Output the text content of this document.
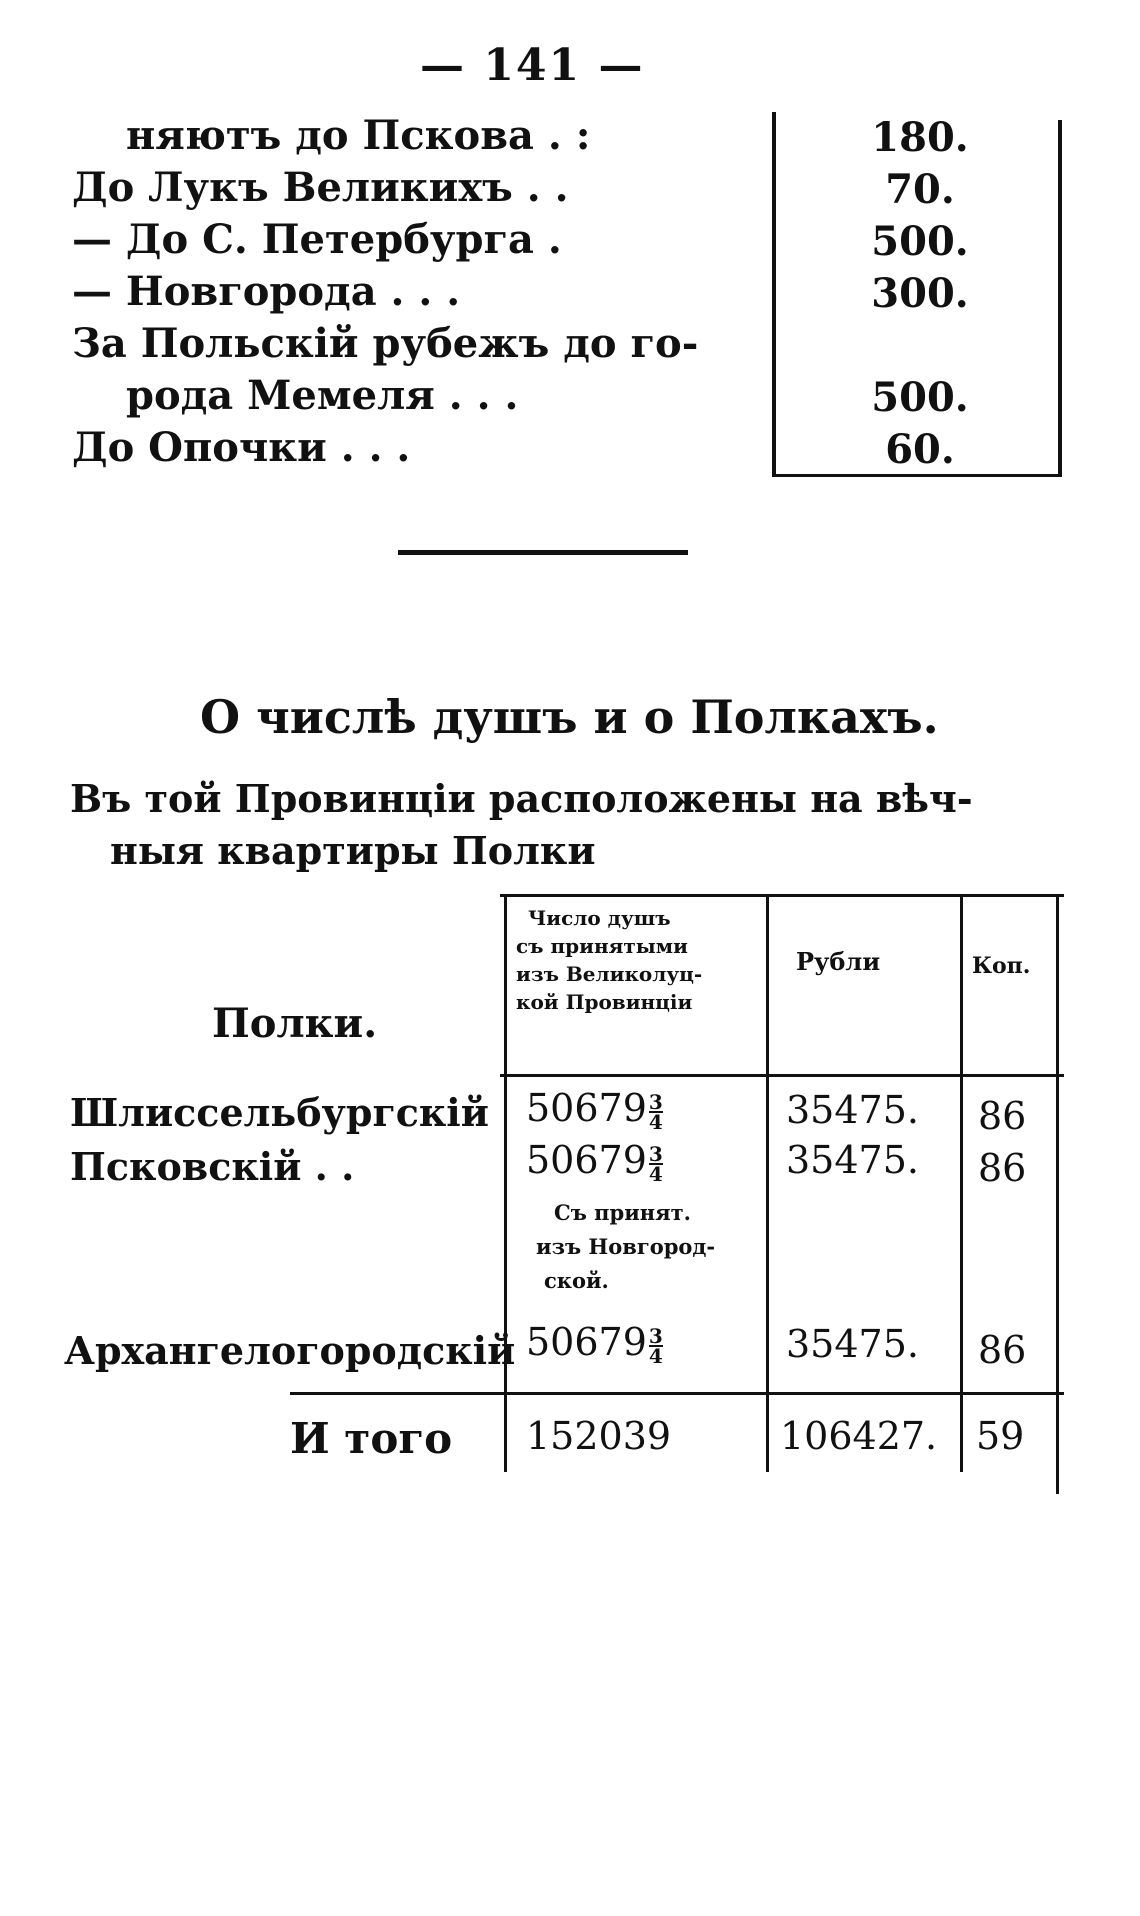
— 141 —
няютъ до Пскова . :	180.
До Лукъ Великихъ . .	70.
— До С. Петербурга .	500.
— Новгорода . . .	300.
За Польскій рубежъ до го-
рода Мемеля . . .	500.
До Опочки . . .	60.
О числѣ душъ и о Полкахъ.
Въ той Провинціи расположены на вѣч-
ныя квартиры Полки
Полки.
Число душъ
съ принятыми
изъ Великолуц-
кой Провинціи
Рубли	Коп.
Шлиссельбургскій $50679 \frac{3}{4}$	35475. 86
Псковскій . .	$50679 \frac{3}{4}$	35475. 86
Съ принят.
изъ Новгород-
ской.
Архангелогородскій $50679 \frac{3}{4}$	35475. 86
И того 152039	106427. 59
